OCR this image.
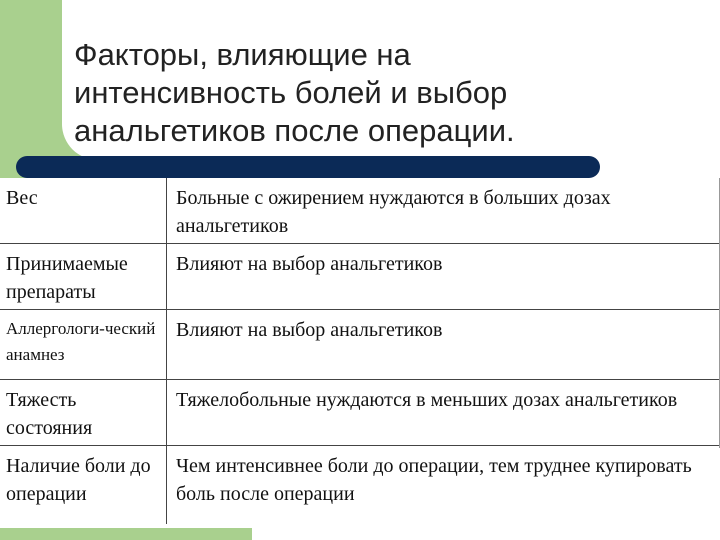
Факторы, влияющие на
интенсивность болей и выбор
анальгетиков после операции.
Вес	Больные с ожирением нуждаются в больших дозах анальгетиков
Принимаемые препараты
Влияют на выбор анальгетиков
Аллергологи-ческий анамнез
Влияют на выбор анальгетиков
Тяжесть состояния
Тяжелобольные нуждаются в меньших дозах анальгетиков
Наличие боли до операции
Чем интенсивнее боли до операции, тем труднее купировать боль после операции
